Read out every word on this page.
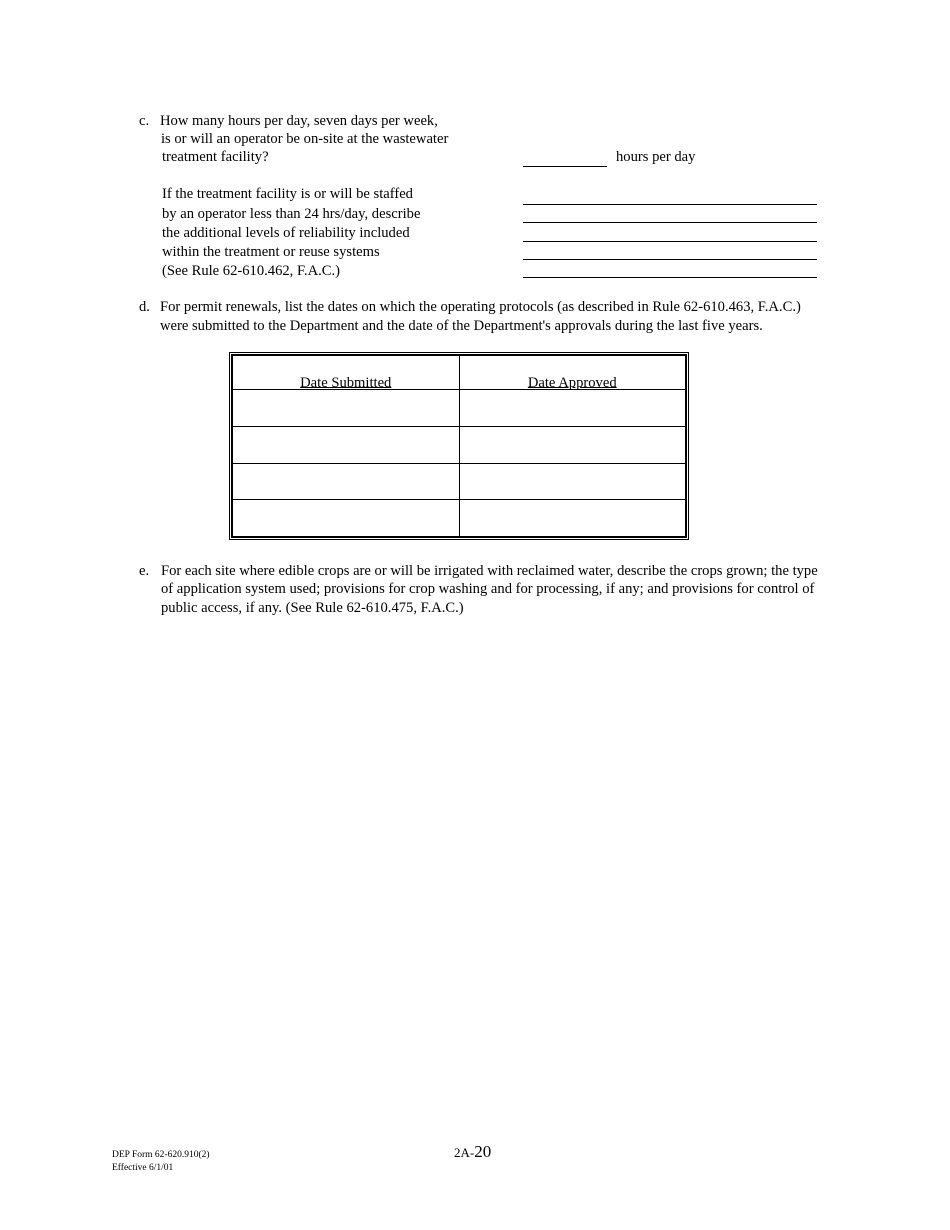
c. How many hours per day, seven days per week,
is or will an operator be on-site at the wastewater
treatment facility?	hours per day
If the treatment facility is or will be staffed
by an operator less than 24 hrs/day, describe
the additional levels of reliability included
within the treatment or reuse systems
(See Rule 62-610.462, F.A.C.)
d. For permit renewals, list the dates on which the operating protocols (as described in Rule 62-610.463, F.A.C.)
were submitted to the Department and the date of the Department's approvals during the last five years.
Date Submitted	Date Approved

e. For each site where edible crops are or will be irrigated with reclaimed water, describe the crops grown; the type
of application system used; provisions for crop washing and for processing, if any; and provisions for control of
public access, if any. (See Rule 62-610.475, F.A.C.)
DEP Form 62-620.910(2)
Effective 6/1/01
2A-20
